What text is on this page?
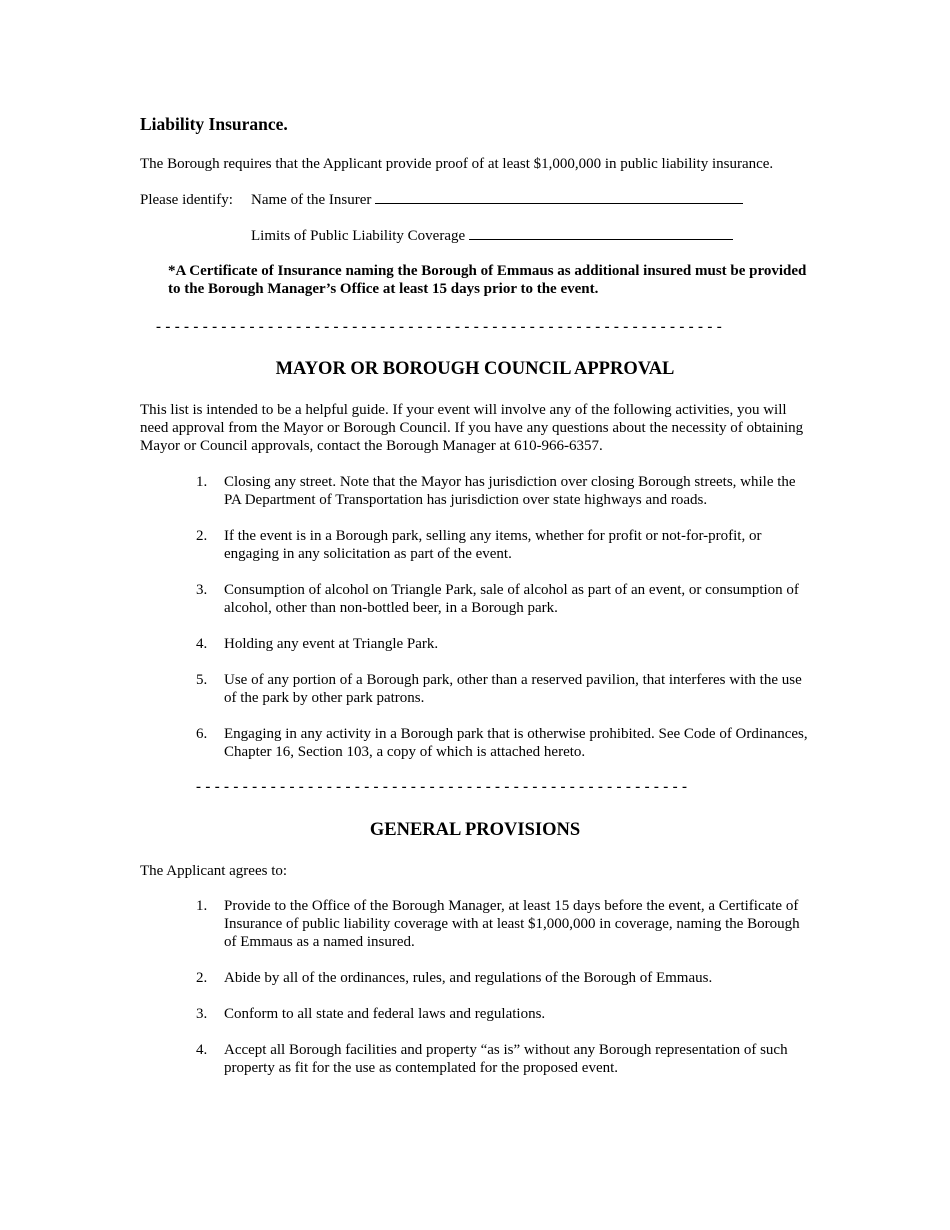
Liability Insurance.
The Borough requires that the Applicant provide proof of at least $1,000,000 in public liability insurance.
Please identify: Name of the Insurer
Limits of Public Liability Coverage
*A Certificate of Insurance naming the Borough of Emmaus as additional insured must be provided to the Borough Manager’s Office at least 15 days prior to the event.
- - - - - - - - - - - - - - - - - - - - - - - - - - - - - - - - - - - - - - - - - - - - - - - - - - - - - - - - - - - - -
MAYOR OR BOROUGH COUNCIL APPROVAL
This list is intended to be a helpful guide. If your event will involve any of the following activities, you will need approval from the Mayor or Borough Council. If you have any questions about the necessity of obtaining Mayor or Council approvals, contact the Borough Manager at 610-966-6357.
1. Closing any street. Note that the Mayor has jurisdiction over closing Borough streets, while the PA Department of Transportation has jurisdiction over state highways and roads.
2. If the event is in a Borough park, selling any items, whether for profit or not-for-profit, or engaging in any solicitation as part of the event.
3. Consumption of alcohol on Triangle Park, sale of alcohol as part of an event, or consumption of alcohol, other than non-bottled beer, in a Borough park.
4. Holding any event at Triangle Park.
5. Use of any portion of a Borough park, other than a reserved pavilion, that interferes with the use of the park by other park patrons.
6. Engaging in any activity in a Borough park that is otherwise prohibited. See Code of Ordinances, Chapter 16, Section 103, a copy of which is attached hereto.
- - - - - - - - - - - - - - - - - - - - - - - - - - - - - - - - - - - - - - - - - - - - - - - - - - - - -
GENERAL PROVISIONS
The Applicant agrees to:
1. Provide to the Office of the Borough Manager, at least 15 days before the event, a Certificate of Insurance of public liability coverage with at least $1,000,000 in coverage, naming the Borough of Emmaus as a named insured.
2. Abide by all of the ordinances, rules, and regulations of the Borough of Emmaus.
3. Conform to all state and federal laws and regulations.
4. Accept all Borough facilities and property “as is” without any Borough representation of such property as fit for the use as contemplated for the proposed event.
